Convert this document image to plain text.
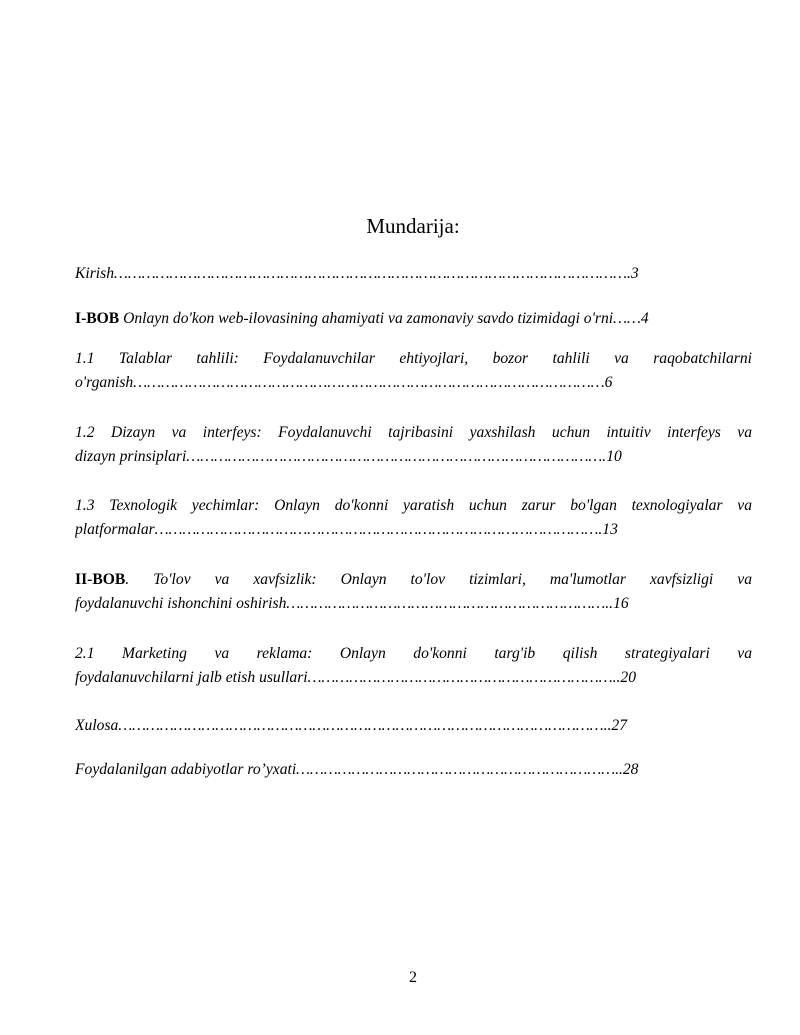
Mundarija:

Kirish………………………………………………………………………………………………….3

I-BOB Onlayn do'kon web-ilovasining ahamiyati va zamonaviy savdo tizimidagi o'rni……4

1.1 Talablar tahlili: Foydalanuvchilar ehtiyojlari, bozor tahlili va raqobatchilarni
o'rganish…………………………………………………………………………………………6

1.2 Dizayn va interfeys: Foydalanuvchi tajribasini yaxshilash uchun intuitiv interfeys va
dizayn prinsiplari……………………………………………………………………………….10

1.3 Texnologik yechimlar: Onlayn do'konni yaratish uchun zarur bo'lgan texnologiyalar va
platformalar…………………………………………………………………………………….13

II-BOB. To'lov va xavfsizlik: Onlayn to'lov tizimlari, ma'lumotlar xavfsizligi va
foydalanuvchi ishonchini oshirish……………………………………………………………..16

2.1 Marketing va reklama: Onlayn do'konni targ'ib qilish strategiyalari va
foydalanuvchilarni jalb etish usullari…………………………………………………………..20

Xulosa……………………………………………………………………………………………..27

Foydalanilgan adabiyotlar ro’yxati……………………………………………………………..28

2
